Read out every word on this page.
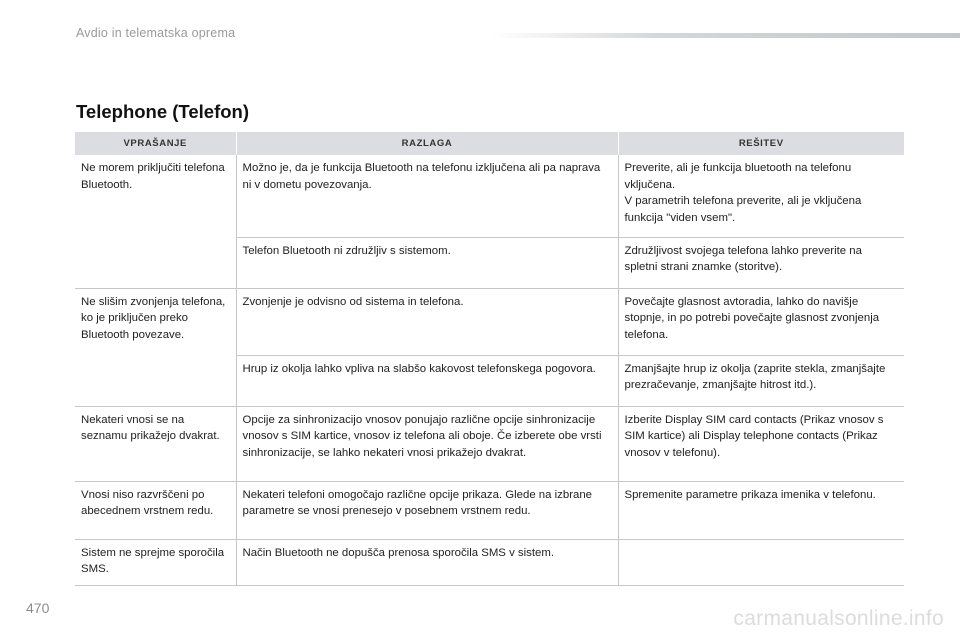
Avdio in telematska oprema
Telephone (Telefon)
VPRAŠANJE	RAZLAGA	REŠITEV
Ne morem priključiti telefona Bluetooth.	Možno je, da je funkcija Bluetooth na telefonu izključena ali pa naprava ni v dometu povezovanja.	Preverite, ali je funkcija bluetooth na telefonu vključena.
V parametrih telefona preverite, ali je vključena funkcija "viden vsem".
	Telefon Bluetooth ni združljiv s sistemom.	Združljivost svojega telefona lahko preverite na spletni strani znamke (storitve).
Ne slišim zvonjenja telefona, ko je priključen preko Bluetooth povezave.	Zvonjenje je odvisno od sistema in telefona.	Povečajte glasnost avtoradia, lahko do navišje stopnje, in po potrebi povečajte glasnost zvonjenja telefona.
	Hrup iz okolja lahko vpliva na slabšo kakovost telefonskega pogovora.	Zmanjšajte hrup iz okolja (zaprite stekla, zmanjšajte prezračevanje, zmanjšajte hitrost itd.).
Nekateri vnosi se na seznamu prikažejo dvakrat.	Opcije za sinhronizacijo vnosov ponujajo različne opcije sinhronizacije vnosov s SIM kartice, vnosov iz telefona ali oboje. Če izberete obe vrsti sinhronizacije, se lahko nekateri vnosi prikažejo dvakrat.	Izberite Display SIM card contacts (Prikaz vnosov s SIM kartice) ali Display telephone contacts (Prikaz vnosov v telefonu).
Vnosi niso razvrščeni po abecednem vrstnem redu.	Nekateri telefoni omogočajo različne opcije prikaza. Glede na izbrane parametre se vnosi prenesejo v posebnem vrstnem redu.	Spremenite parametre prikaza imenika v telefonu.
Sistem ne sprejme sporočila SMS.	Način Bluetooth ne dopušča prenosa sporočila SMS v sistem.	
470	carmanualsonline.info
